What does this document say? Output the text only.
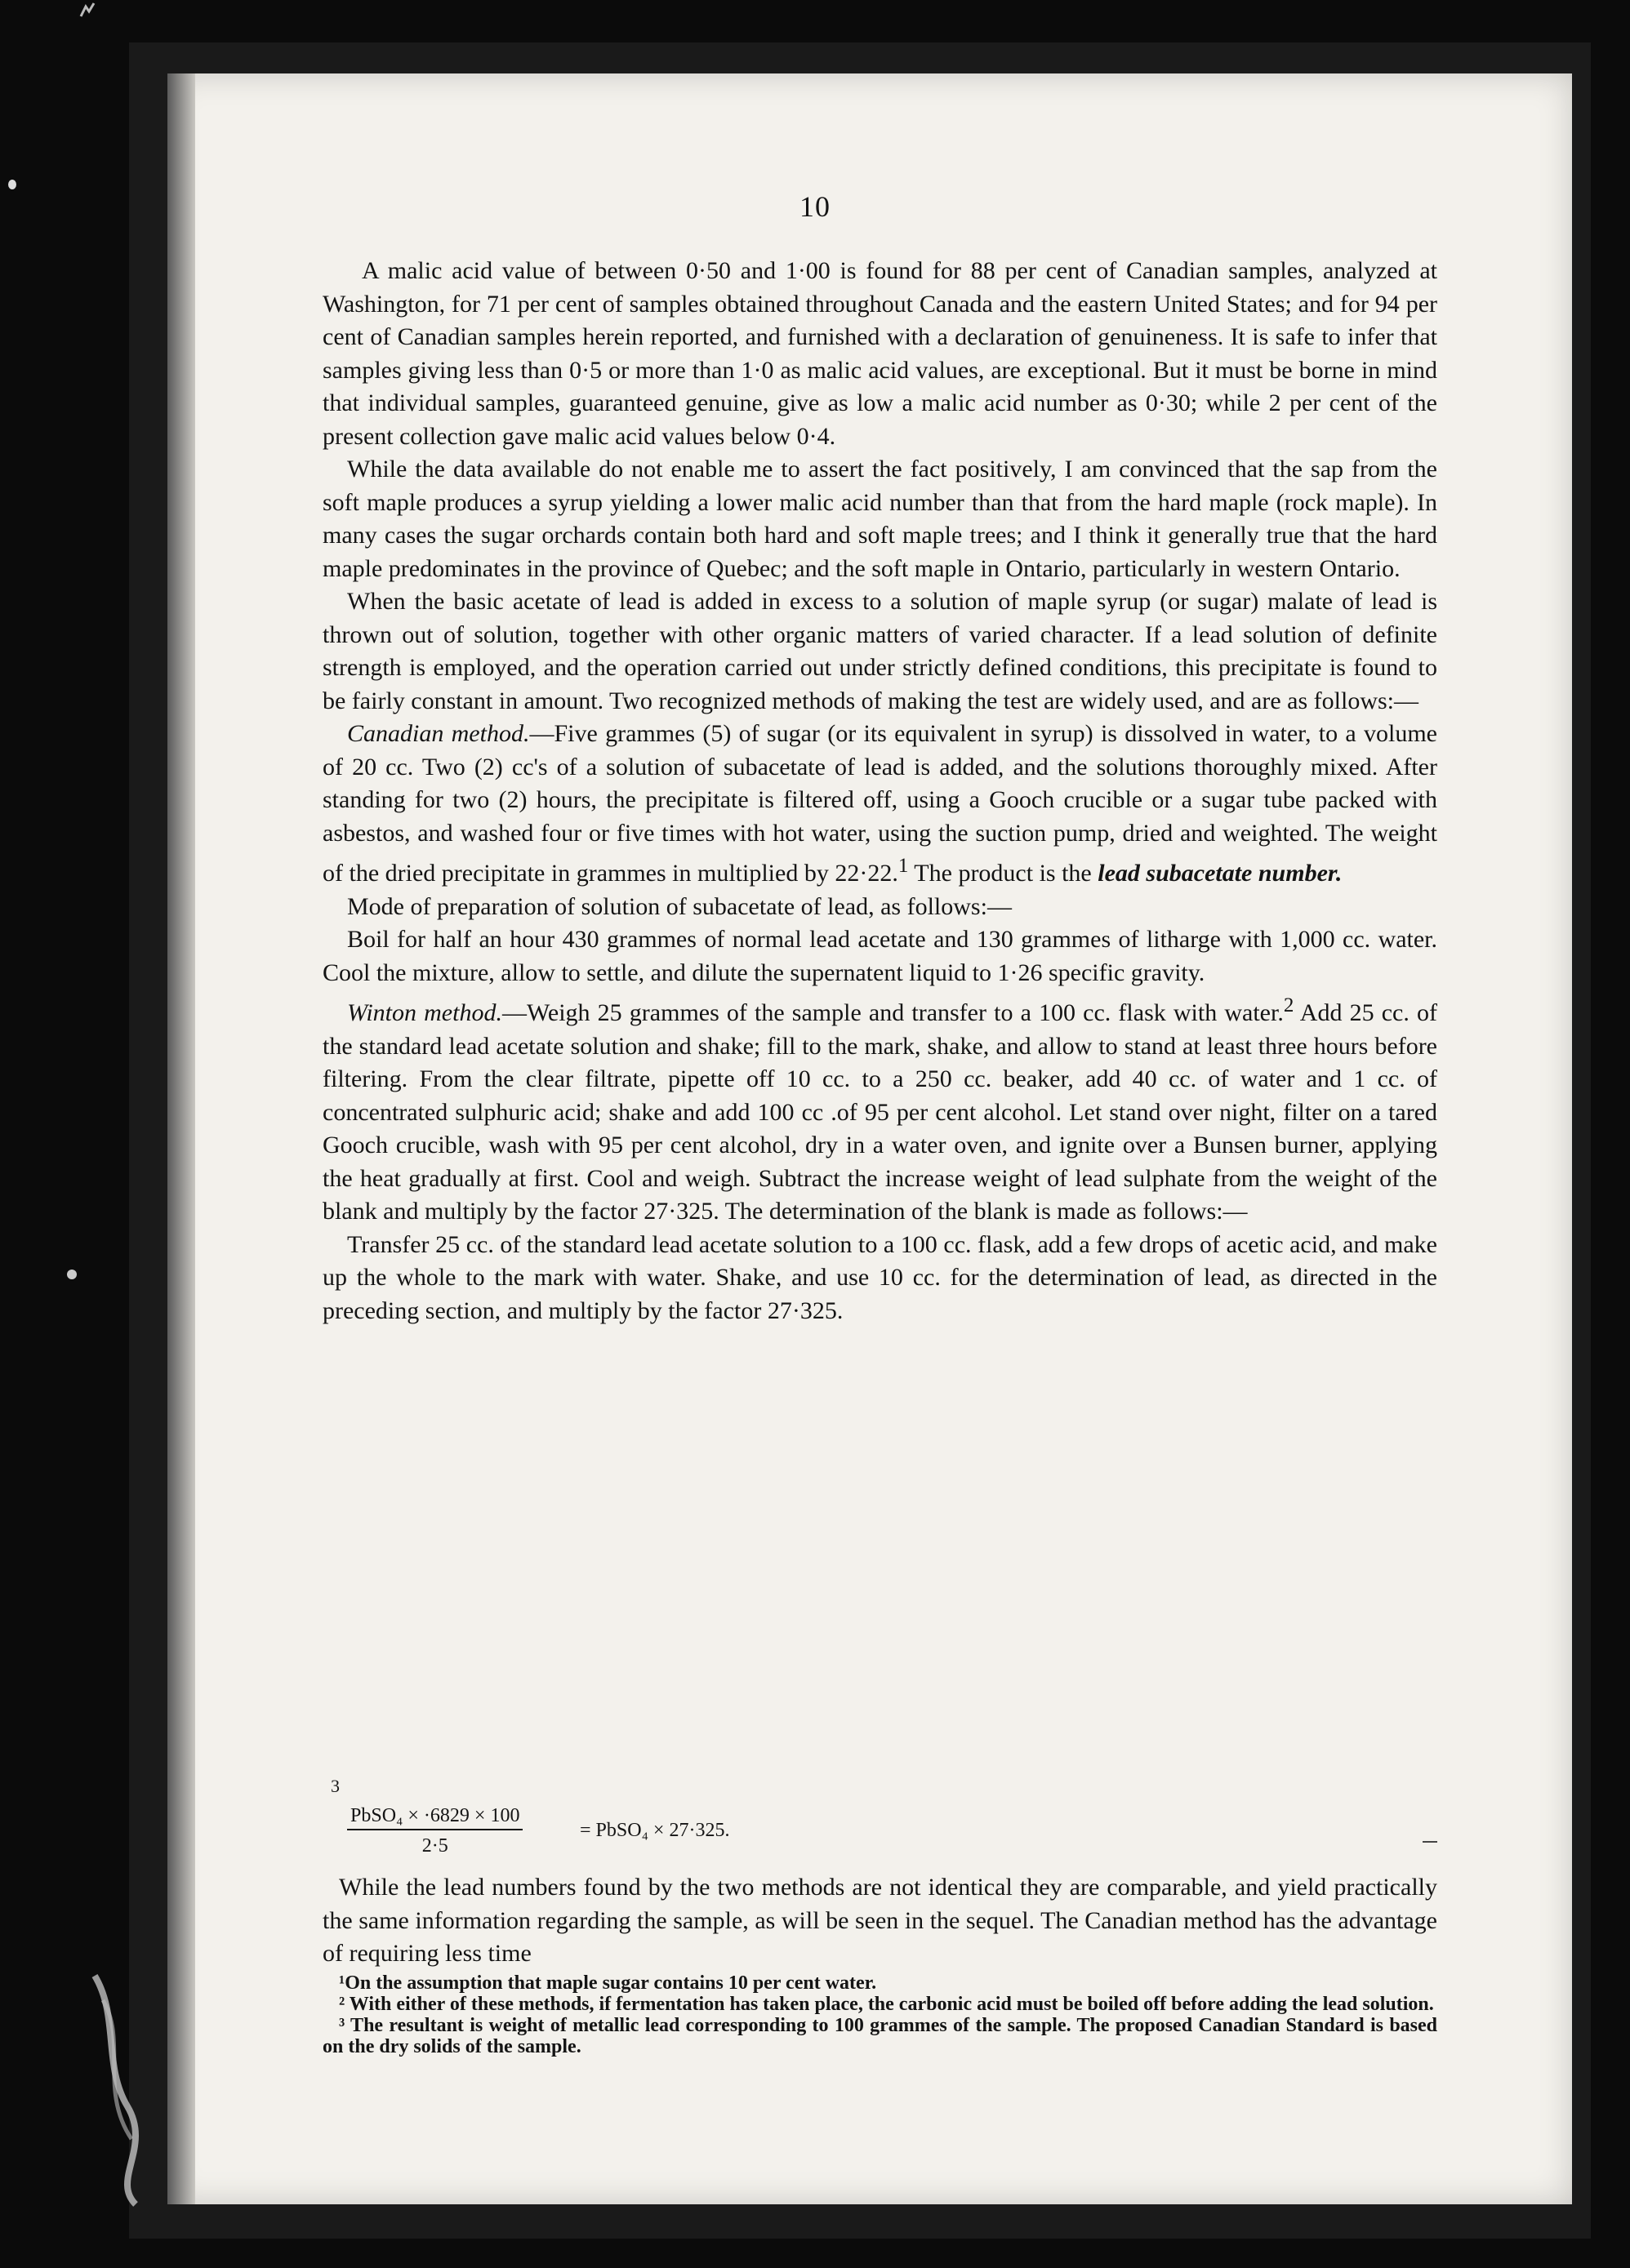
10

A malic acid value of between 0·50 and 1·00 is found for 88 per cent of Canadian samples, analyzed at Washington, for 71 per cent of samples obtained throughout Canada and the eastern United States; and for 94 per cent of Canadian samples herein reported, and furnished with a declaration of genuineness. It is safe to infer that samples giving less than 0·5 or more than 1·0 as malic acid values, are exceptional. But it must be borne in mind that individual samples, guaranteed genuine, give as low a malic acid number as 0·30; while 2 per cent of the present collection gave malic acid values below 0·4.

While the data available do not enable me to assert the fact positively, I am convinced that the sap from the soft maple produces a syrup yielding a lower malic acid number than that from the hard maple (rock maple). In many cases the sugar orchards contain both hard and soft maple trees; and I think it generally true that the hard maple predominates in the province of Quebec; and the soft maple in Ontario, particularly in western Ontario.

When the basic acetate of lead is added in excess to a solution of maple syrup (or sugar) malate of lead is thrown out of solution, together with other organic matters of varied character. If a lead solution of definite strength is employed, and the operation carried out under strictly defined conditions, this precipitate is found to be fairly constant in amount. Two recognized methods of making the test are widely used, and are as follows:—

Canadian method.—Five grammes (5) of sugar (or its equivalent in syrup) is dissolved in water, to a volume of 20 cc. Two (2) cc's of a solution of subacetate of lead is added, and the solutions thoroughly mixed. After standing for two (2) hours, the precipitate is filtered off, using a Gooch crucible or a sugar tube packed with asbestos, and washed four or five times with hot water, using the suction pump, dried and weighted. The weight of the dried precipitate in grammes in multiplied by 22·22.$^1$ The product is the lead subacetate number.

Mode of preparation of solution of subacetate of lead, as follows:—

Boil for half an hour 430 grammes of normal lead acetate and 130 grammes of litharge with 1,000 cc. water. Cool the mixture, allow to settle, and dilute the supernatent liquid to 1·26 specific gravity.

Winton method.—Weigh 25 grammes of the sample and transfer to a 100 cc. flask with water.$^2$ Add 25 cc. of the standard lead acetate solution and shake; fill to the mark, shake, and allow to stand at least three hours before filtering. From the clear filtrate, pipette off 10 cc. to a 250 cc. beaker, add 40 cc. of water and 1 cc. of concentrated sulphuric acid; shake and add 100 cc .of 95 per cent alcohol. Let stand over night, filter on a tared Gooch crucible, wash with 95 per cent alcohol, dry in a water oven, and ignite over a Bunsen burner, applying the heat gradually at first. Cool and weigh. Subtract the increase weight of lead sulphate from the weight of the blank and multiply by the factor 27·325. The determination of the blank is made as follows:—

Transfer 25 cc. of the standard lead acetate solution to a 100 cc. flask, add a few drops of acetic acid, and make up the whole to the mark with water. Shake, and use 10 cc. for the determination of lead, as directed in the preceding section, and multiply by the factor 27·325.

3
PbSO₄ × ·6829 × 100
2·5
= PbSO₄ × 27·325.

While the lead numbers found by the two methods are not identical they are comparable, and yield practically the same information regarding the sample, as will be seen in the sequel. The Canadian method has the advantage of requiring less time

¹On the assumption that maple sugar contains 10 per cent water.

² With either of these methods, if fermentation has taken place, the carbonic acid must be boiled off before adding the lead solution.

³ The resultant is weight of metallic lead corresponding to 100 grammes of the sample. The proposed Canadian Standard is based on the dry solids of the sample.
